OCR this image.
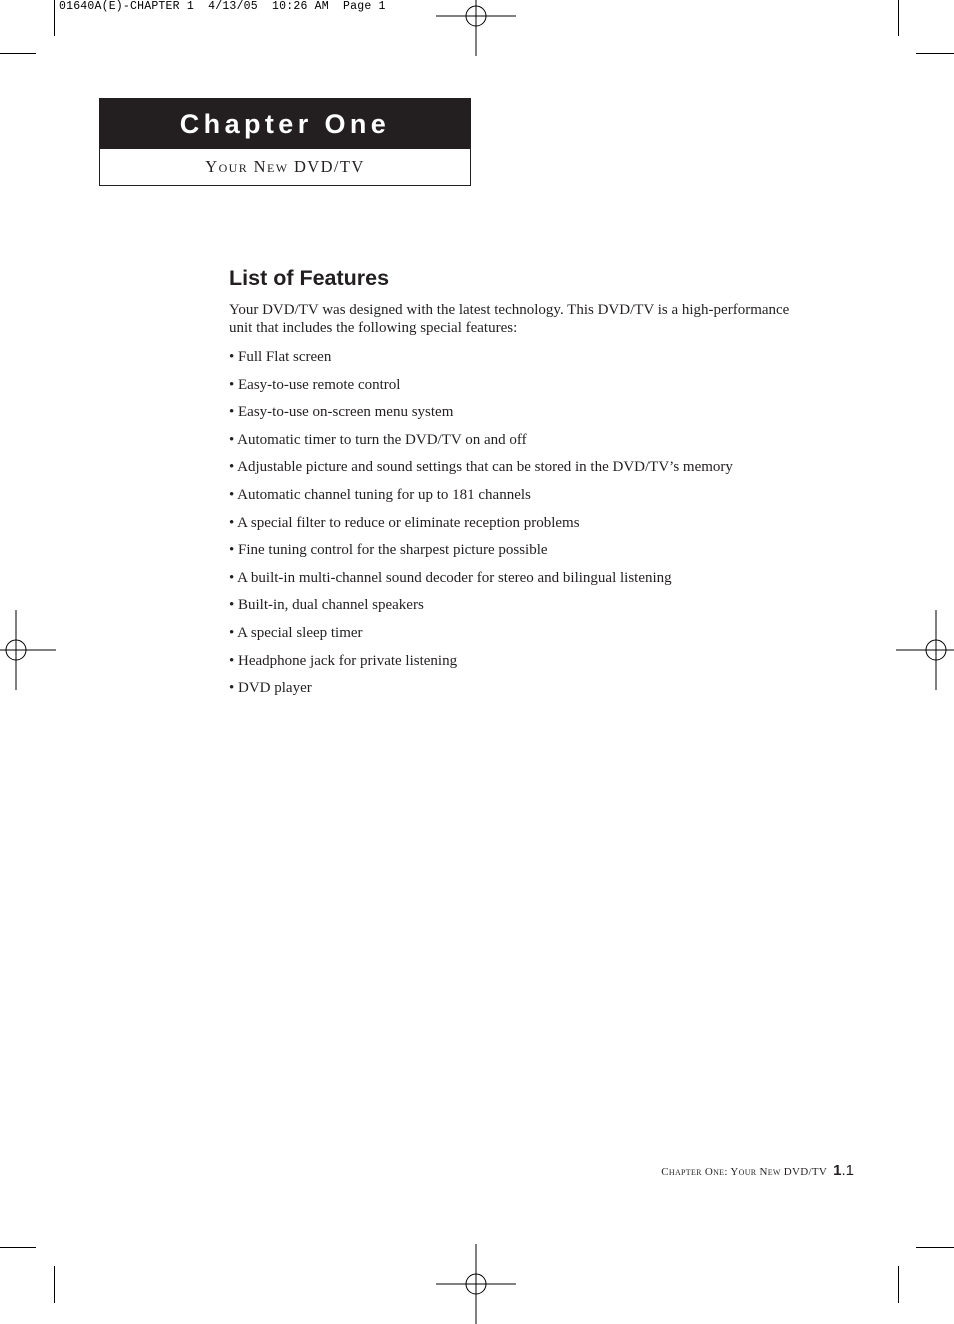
01640A(E)-CHAPTER 1  4/13/05  10:26 AM  Page 1
Chapter One
Your New DVD/TV
List of Features

Your DVD/TV was designed with the latest technology. This DVD/TV is a high-performance unit that includes the following special features:

• Full Flat screen
• Easy-to-use remote control
• Easy-to-use on-screen menu system
• Automatic timer to turn the DVD/TV on and off
• Adjustable picture and sound settings that can be stored in the DVD/TV’s memory
• Automatic channel tuning for up to 181 channels
• A special filter to reduce or eliminate reception problems
• Fine tuning control for the sharpest picture possible
• A built-in multi-channel sound decoder for stereo and bilingual listening
• Built-in, dual channel speakers
• A special sleep timer
• Headphone jack for private listening
• DVD player
Chapter One: Your New DVD/TV 1.1
